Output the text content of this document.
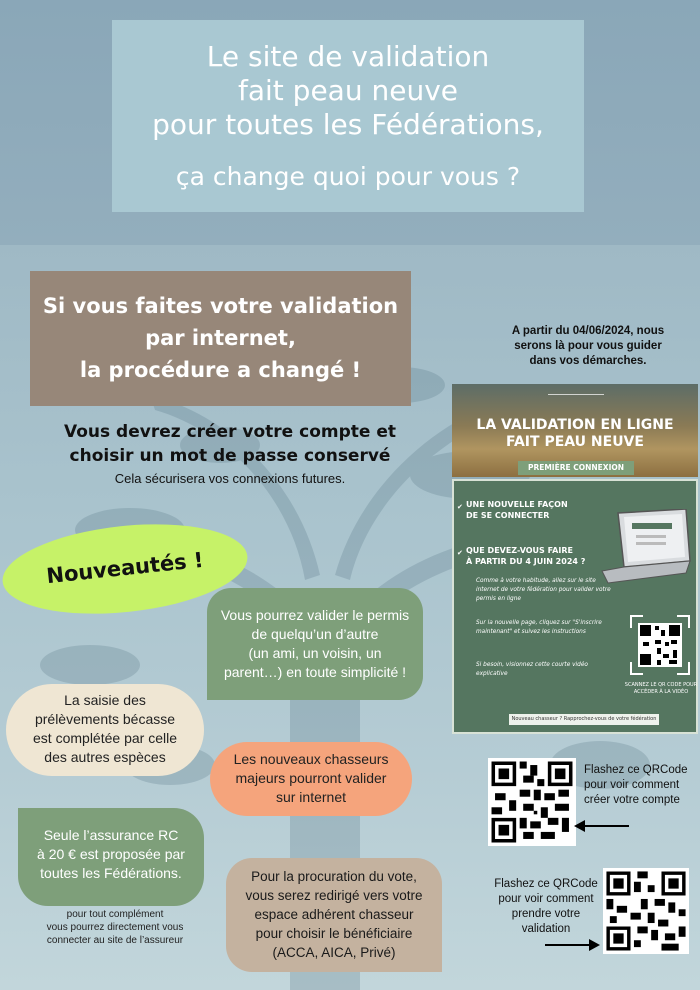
Le site de validation
fait peau neuve
pour toutes les Fédérations,
ça change quoi pour vous ?
Si vous faites votre validation
par internet,
la procédure a changé !
Vous devrez créer votre compte et
choisir un mot de passe conservé
Cela sécurisera vos connexions futures.
A partir du 04/06/2024, nous
serons là pour vous guider
dans vos démarches.
LA VALIDATION EN LIGNE
FAIT PEAU NEUVE
PREMIÈRE CONNEXION
✔ UNE NOUVELLE FAÇON
DE SE CONNECTER
✔ QUE DEVEZ-VOUS FAIRE
À PARTIR DU 4 JUIN 2024 ?
Comme à votre habitude, allez sur le site internet de votre fédération pour valider votre permis en ligne
Sur la nouvelle page, cliquez sur "S'inscrire maintenant" et suivez les instructions
Si besoin, visionnez cette courte vidéo explicative
SCANNEZ LE QR CODE POUR ACCÉDER À LA VIDÉO
Nouveau chasseur ? Rapprochez-vous de votre fédération
Nouveautés !
Vous pourrez valider le permis
de quelqu’un d’autre
(un ami, un voisin, un
parent…) en toute simplicité !
La saisie des
prélèvements bécasse
est complétée par celle
des autres espèces	Les nouveaux chasseurs
majeurs pourront valider
sur internet
Seule l’assurance RC
à 20 € est proposée par
toutes les Fédérations.
pour tout complément
vous pourrez directement vous
connecter au site de l’assureur
Pour la procuration du vote,
vous serez redirigé vers votre
espace adhérent chasseur
pour choisir le bénéficiaire
(ACCA, AICA, Privé)
Flashez ce QRCode
pour voir comment
créer votre compte
Flashez ce QRCode
pour voir comment
prendre votre
validation
